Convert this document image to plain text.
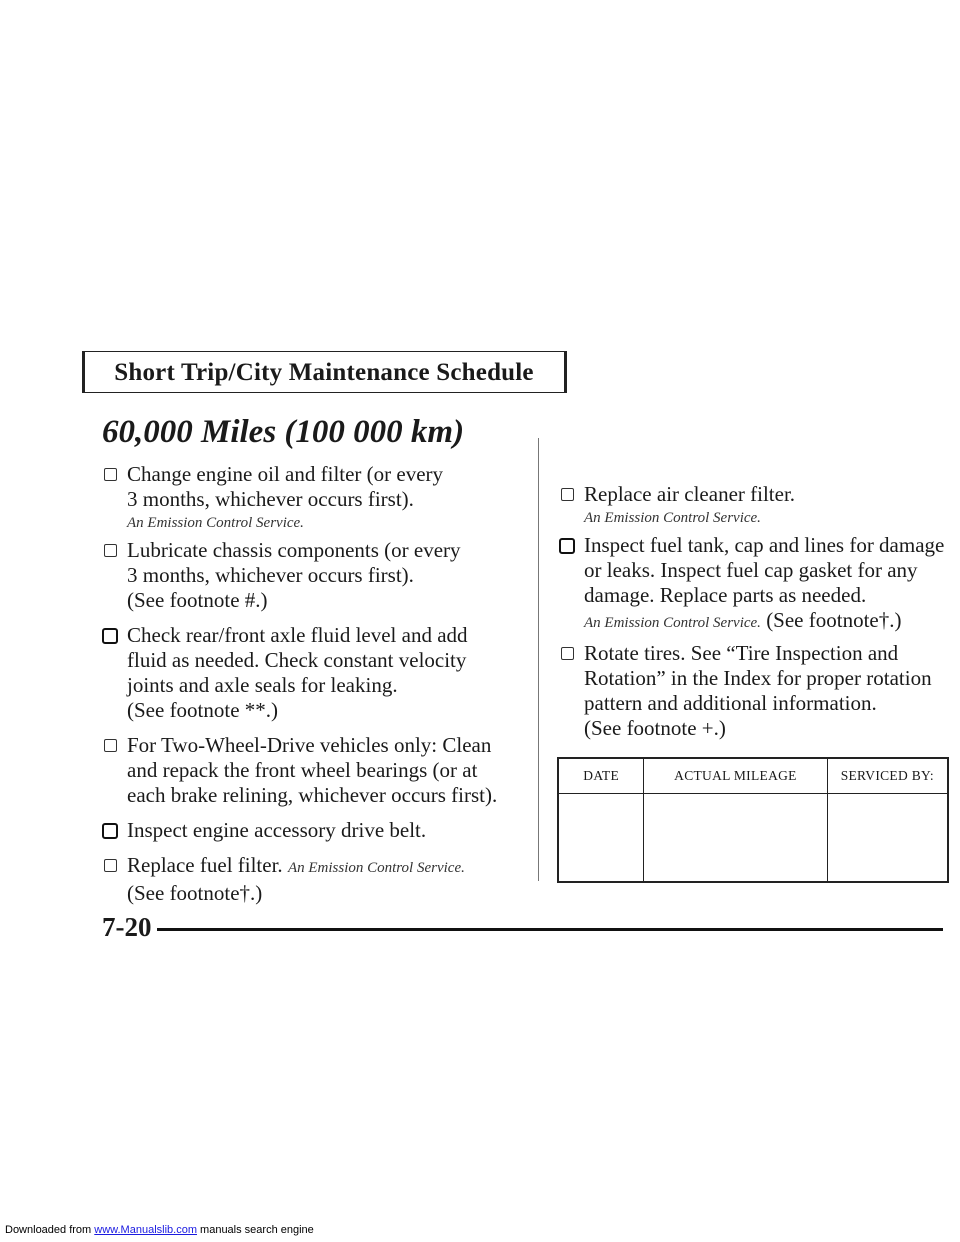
Short Trip/City Maintenance Schedule
60,000 Miles (100 000 km)
Change engine oil and filter (or every
3 months, whichever occurs first).
An Emission Control Service.
Lubricate chassis components (or every
3 months, whichever occurs first).
(See footnote #.)
Check rear/front axle fluid level and add
fluid as needed. Check constant velocity
joints and axle seals for leaking.
(See footnote **.)
For Two-Wheel-Drive vehicles only: Clean
and repack the front wheel bearings (or at
each brake relining, whichever occurs first).
Inspect engine accessory drive belt.
Replace fuel filter. An Emission Control Service.
(See footnote†.)
Replace air cleaner filter.
An Emission Control Service.
Inspect fuel tank, cap and lines for damage
or leaks. Inspect fuel cap gasket for any
damage. Replace parts as needed.
An Emission Control Service. (See footnote†.)
Rotate tires. See “Tire Inspection and
Rotation” in the Index for proper rotation
pattern and additional information.
(See footnote +.)
DATE	ACTUAL MILEAGE	SERVICED BY:

7-20
Downloaded from www.Manualslib.com manuals search engine
